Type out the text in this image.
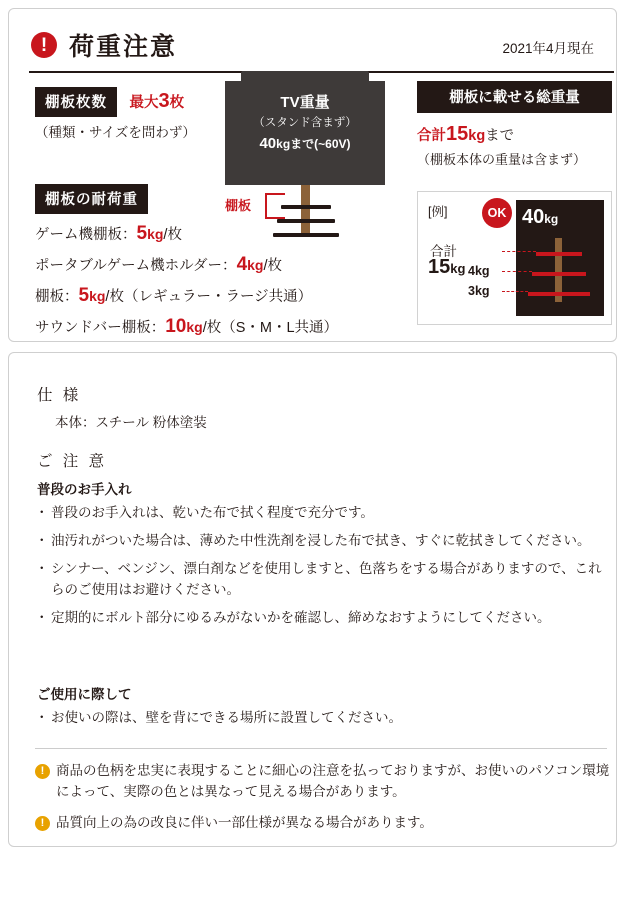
! 荷重注意	2021年4月現在
棚板枚数 最大3枚
（種類・サイズを問わず）
棚板の耐荷重
ゲーム機棚板：5kg/枚
ポータブルゲーム機ホルダー：4kg/枚
棚板：5kg/枚（レギュラー・ラージ共通）
サウンドバー棚板：10kg/枚（S・M・L共通）
TV重量
（スタンド含まず）
40kgまで(~60V)
棚板
棚板に載せる総重量
合計15kgまで
（棚板本体の重量は含まず）
[例]	OK
合計
15kg
40kg
8kg
4kg
3kg
仕 様
本体：スチール 粉体塗装
ご 注 意
普段のお手入れ
・ 普段のお手入れは、乾いた布で拭く程度で充分です。
・ 油汚れがついた場合は、薄めた中性洗剤を浸した布で拭き、すぐに乾拭きしてください。
・ シンナー、ベンジン、漂白剤などを使用しますと、色落ちをする場合がありますので、これらのご使用はお避けください。
・ 定期的にボルト部分にゆるみがないかを確認し、締めなおすようにしてください。
ご使用に際して
・ お使いの際は、壁を背にできる場所に設置してください。
! 商品の色柄を忠実に表現することに細心の注意を払っておりますが、お使いのパソコン環境によって、実際の色とは異なって見える場合があります。
! 品質向上の為の改良に伴い一部仕様が異なる場合があります。
